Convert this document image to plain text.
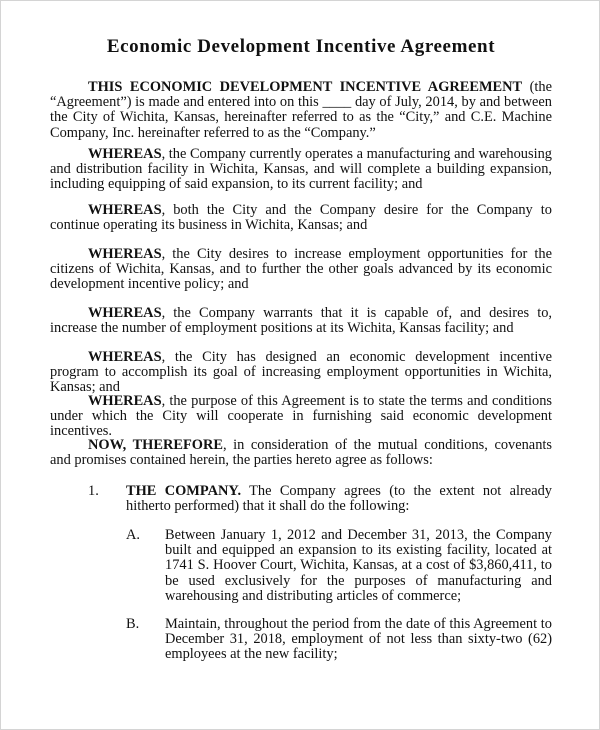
Economic Development Incentive Agreement
THIS ECONOMIC DEVELOPMENT INCENTIVE AGREEMENT (the “Agreement”) is made and entered into on this ____ day of July, 2014, by and between the City of Wichita, Kansas, hereinafter referred to as the “City,” and C.E. Machine Company, Inc. hereinafter referred to as the “Company.”
WHEREAS, the Company currently operates a manufacturing and warehousing and distribution facility in Wichita, Kansas, and will complete a building expansion, including equipping of said expansion, to its current facility; and
WHEREAS, both the City and the Company desire for the Company to continue operating its business in Wichita, Kansas; and
WHEREAS, the City desires to increase employment opportunities for the citizens of Wichita, Kansas, and to further the other goals advanced by its economic development incentive policy; and
WHEREAS, the Company warrants that it is capable of, and desires to, increase the number of employment positions at its Wichita, Kansas facility; and
WHEREAS, the City has designed an economic development incentive program to accomplish its goal of increasing employment opportunities in Wichita, Kansas; and
WHEREAS, the purpose of this Agreement is to state the terms and conditions under which the City will cooperate in furnishing said economic development incentives.
NOW, THEREFORE, in consideration of the mutual conditions, covenants and promises contained herein, the parties hereto agree as follows:
1. THE COMPANY. The Company agrees (to the extent not already hitherto performed) that it shall do the following:
A. Between January 1, 2012 and December 31, 2013, the Company built and equipped an expansion to its existing facility, located at 1741 S. Hoover Court, Wichita, Kansas, at a cost of $3,860,411, to be used exclusively for the purposes of manufacturing and warehousing and distributing articles of commerce;
B. Maintain, throughout the period from the date of this Agreement to December 31, 2018, employment of not less than sixty-two (62) employees at the new facility;
